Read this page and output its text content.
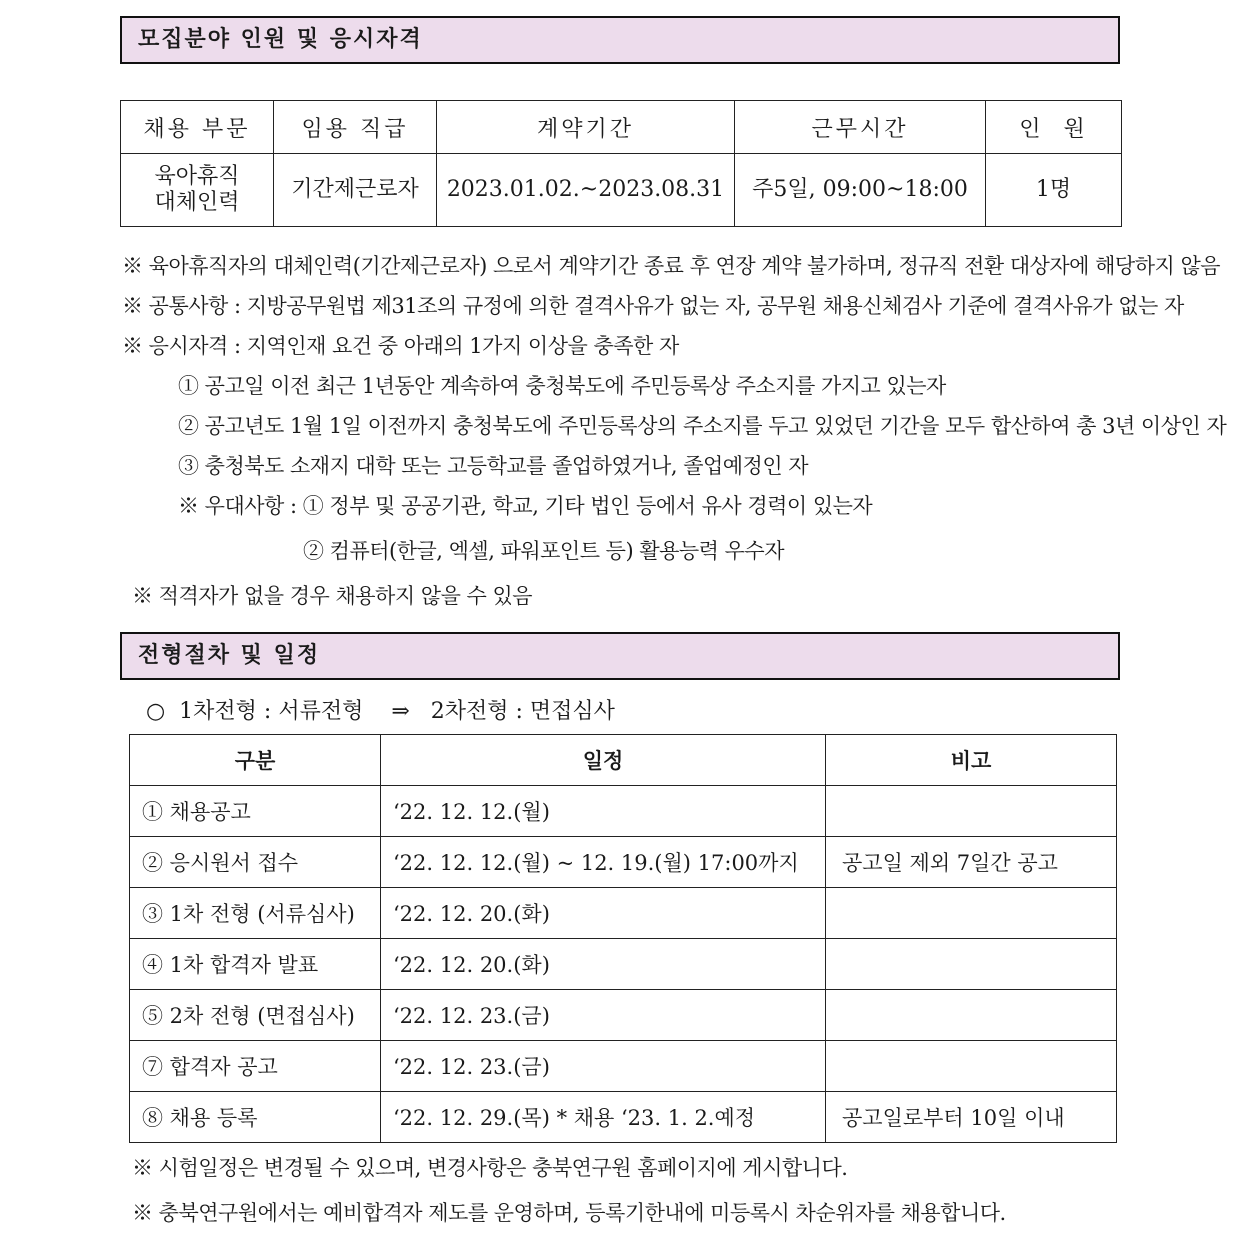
모집분야 인원 및 응시자격
채용 부문	임용 직급	계약기간	근무시간	인  원

육아휴직
대체인력	기간제근로자	2023.01.02.~2023.08.31	주5일, 09:00~18:00	1명
※ 육아휴직자의 대체인력(기간제근로자) 으로서 계약기간 종료 후 연장 계약 불가하며, 정규직 전환 대상자에 해당하지 않음
※ 공통사항 : 지방공무원법 제31조의 규정에 의한 결격사유가 없는 자, 공무원 채용신체검사 기준에 결격사유가 없는 자
※ 응시자격 : 지역인재 요건 중 아래의 1가지 이상을 충족한 자
① 공고일 이전 최근 1년동안 계속하여 충청북도에 주민등록상 주소지를 가지고 있는자
② 공고년도 1월 1일 이전까지 충청북도에 주민등록상의 주소지를 두고 있었던 기간을 모두 합산하여 총 3년 이상인 자
③ 충청북도 소재지 대학 또는 고등학교를 졸업하였거나, 졸업예정인 자
※ 우대사항 : ① 정부 및 공공기관, 학교, 기타 법인 등에서 유사 경력이 있는자
② 컴퓨터(한글, 엑셀, 파워포인트 등) 활용능력 우수자
※ 적격자가 없을 경우 채용하지 않을 수 있음
전형절차 및 일정
○  1차전형 : 서류전형    ⇒   2차전형 : 면접심사
구분	일정	비고
① 채용공고	‘22. 12. 12.(월)	
② 응시원서 접수	‘22. 12. 12.(월) ~ 12. 19.(월) 17:00까지	공고일 제외 7일간 공고
③ 1차 전형 (서류심사)	‘22. 12. 20.(화)	
④ 1차 합격자 발표	‘22. 12. 20.(화)	
⑤ 2차 전형 (면접심사)	‘22. 12. 23.(금)	
⑦ 합격자 공고	‘22. 12. 23.(금)	
⑧ 채용 등록	‘22. 12. 29.(목) * 채용 ‘23. 1. 2.예정	공고일로부터 10일 이내
※ 시험일정은 변경될 수 있으며, 변경사항은 충북연구원 홈페이지에 게시합니다.
※ 충북연구원에서는 예비합격자 제도를 운영하며, 등록기한내에 미등록시 차순위자를 채용합니다.
